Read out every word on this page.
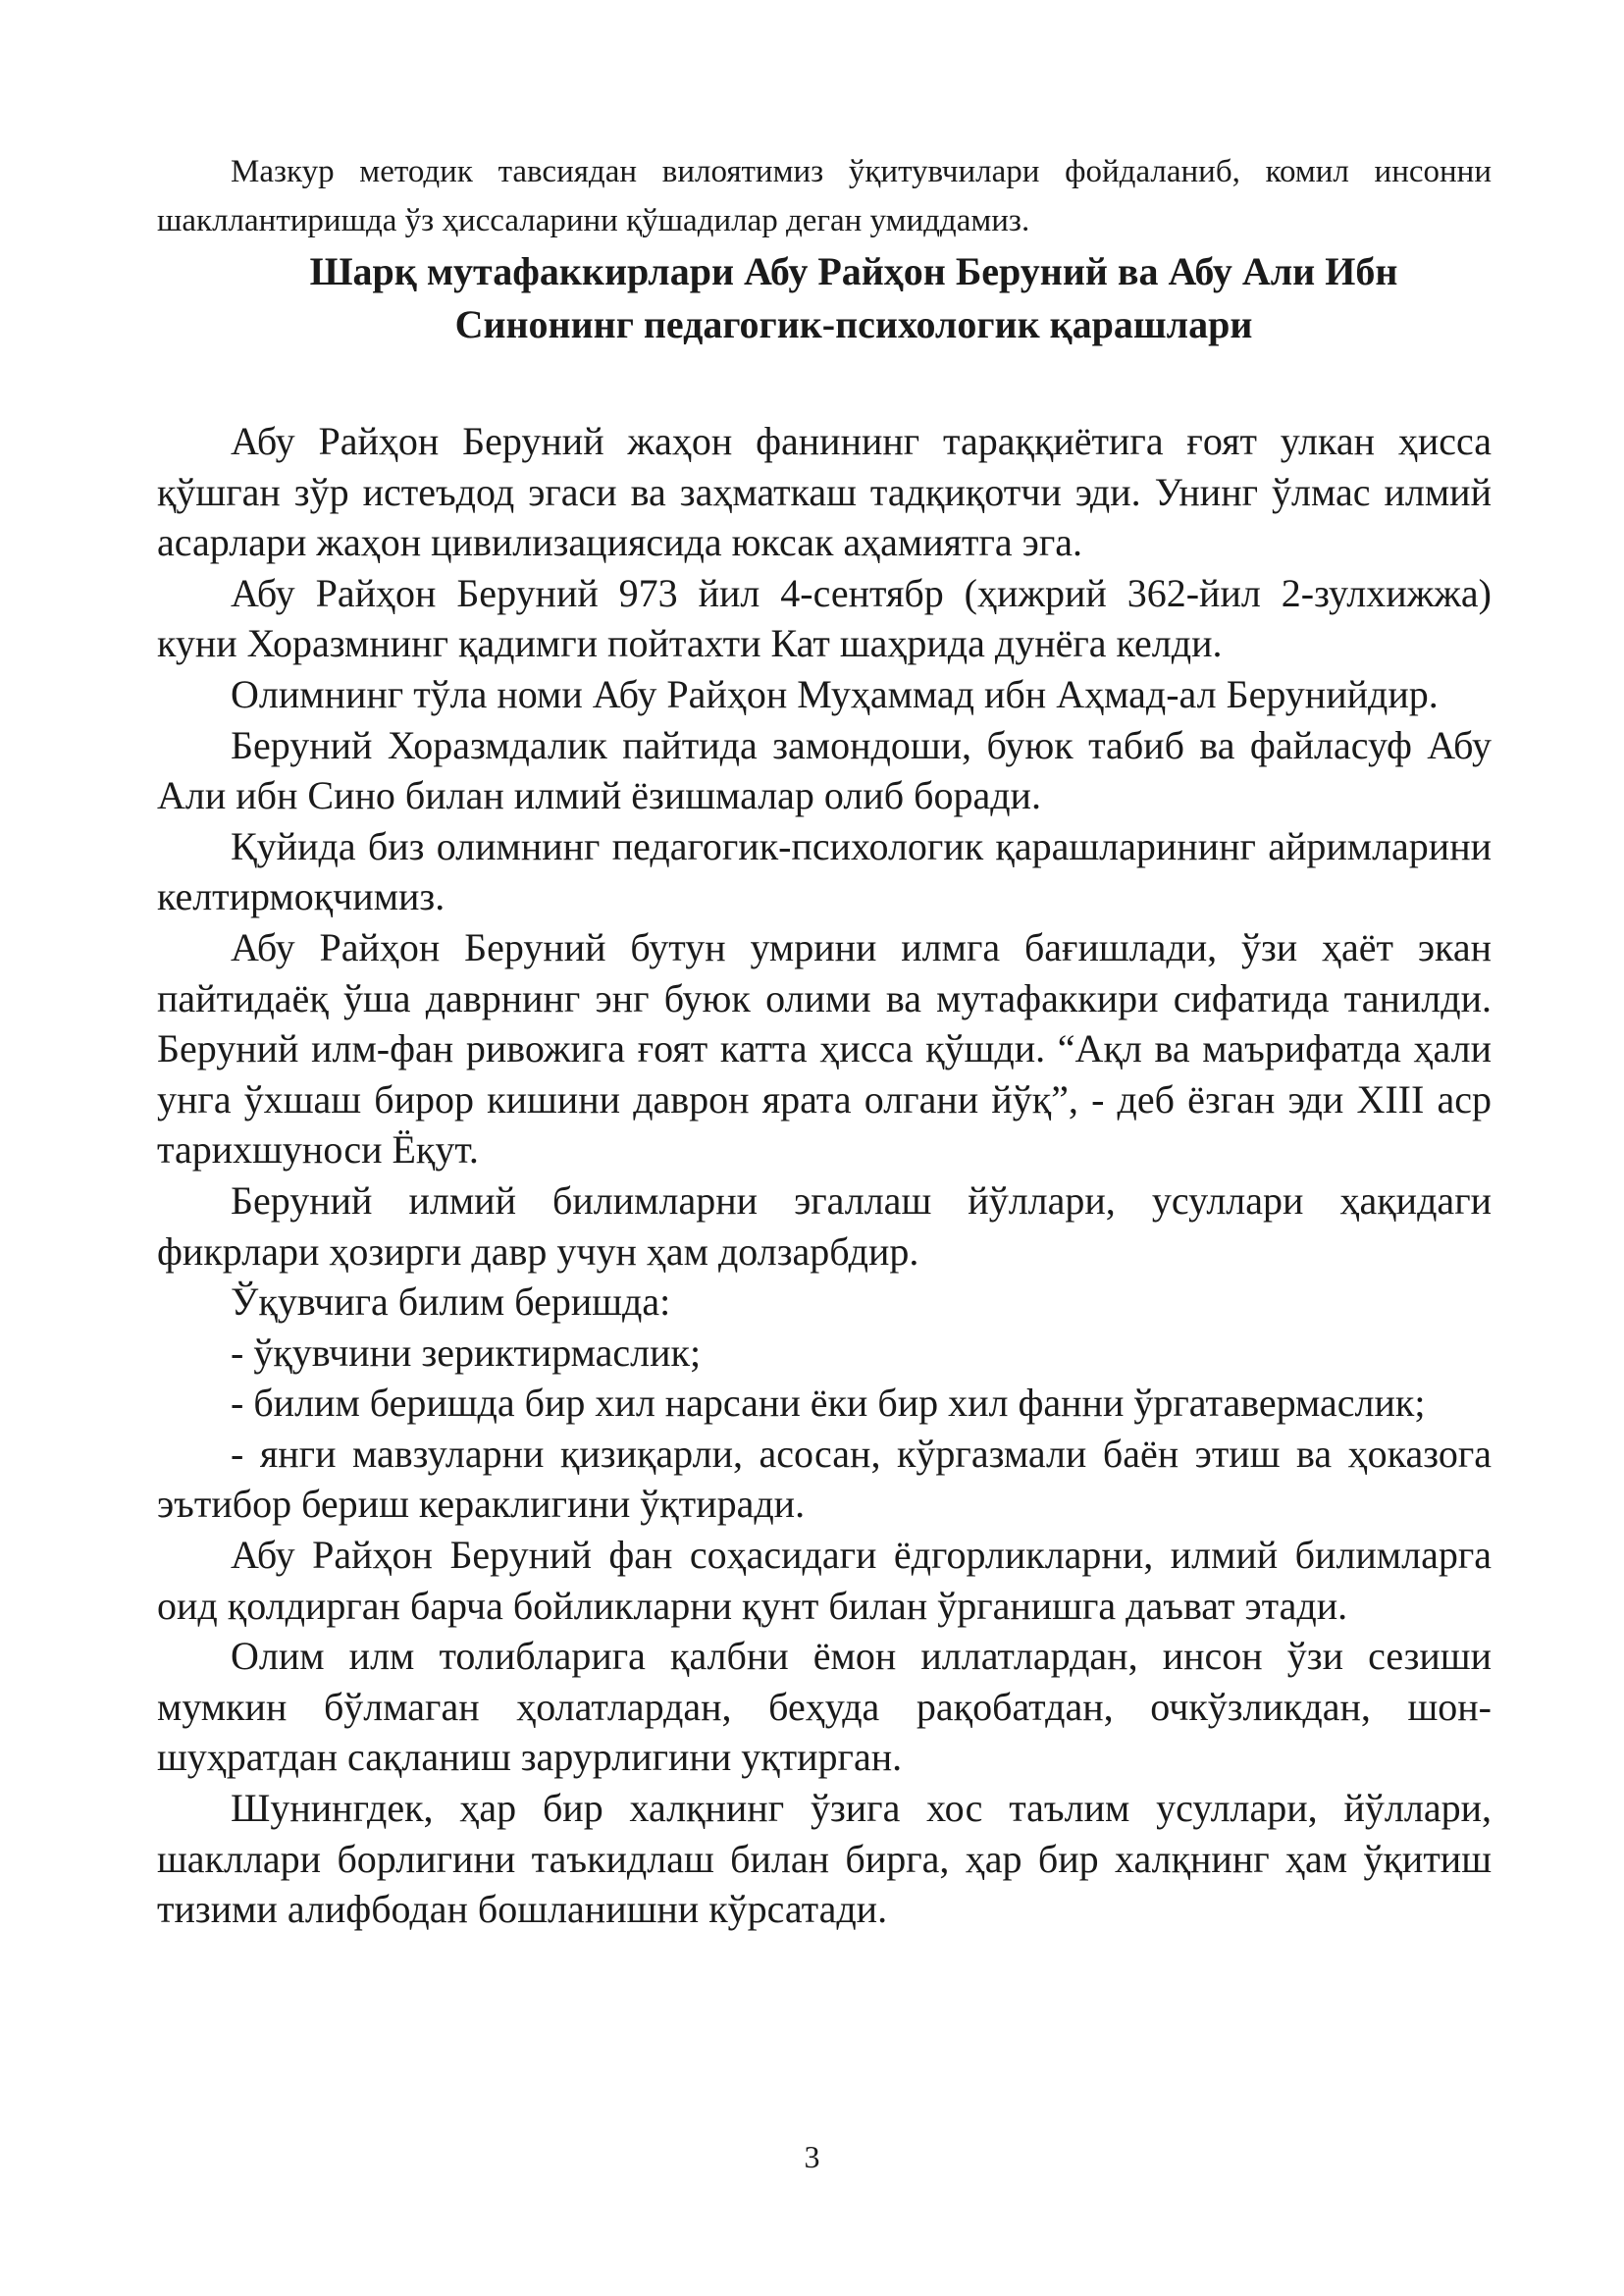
Мазкур методик тавсиядан вилоятимиз ўқитувчилари фойдаланиб, комил инсонни шакллантиришда ўз ҳиссаларини қўшадилар деган умиддамиз.

Шарқ мутафаккирлари Абу Райҳон Беруний ва Абу Али Ибн
Синонинг педагогик-психологик қарашлари

Абу Райҳон Беруний жаҳон фанининг тараққиётига ғоят улкан ҳисса қўшган зўр истеъдод эгаси ва заҳматкаш тадқиқотчи эди. Унинг ўлмас илмий асарлари жаҳон цивилизациясида юксак аҳамиятга эга.

Абу Райҳон Беруний 973 йил 4-сентябр (ҳижрий 362-йил 2-зулхижжа) куни Хоразмнинг қадимги пойтахти Кат шаҳрида дунёга келди.

Олимнинг тўла номи Абу Райҳон Муҳаммад ибн Аҳмад-ал Берунийдир.

Беруний Хоразмдалик пайтида замондоши, буюк табиб ва файласуф Абу Али ибн Сино билан илмий ёзишмалар олиб боради.

Қуйида биз олимнинг педагогик-психологик қарашларининг айримларини келтирмоқчимиз.

Абу Райҳон Беруний бутун умрини илмга бағишлади, ўзи ҳаёт экан пайтидаёқ ўша даврнинг энг буюк олими ва мутафаккири сифатида танилди. Беруний илм-фан ривожига ғоят катта ҳисса қўшди. “Ақл ва маърифатда ҳали унга ўхшаш бирор кишини даврон ярата олгани йўқ”, - деб ёзган эди XIII аср тарихшуноси Ёқут.

Беруний илмий билимларни эгаллаш йўллари, усуллари ҳақидаги фикрлари ҳозирги давр учун ҳам долзарбдир.

Ўқувчига билим беришда:

- ўқувчини зериктирмаслик;

- билим беришда бир хил нарсани ёки бир хил фанни ўргатавермаслик;

- янги мавзуларни қизиқарли, асосан, кўргазмали баён этиш ва ҳоказога эътибор бериш кераклигини ўқтиради.

Абу Райҳон Беруний фан соҳасидаги ёдгорликларни, илмий билимларга оид қолдирган барча бойликларни қунт билан ўрганишга даъват этади.

Олим илм толибларига қалбни ёмон иллатлардан, инсон ўзи сезиши мумкин бўлмаган ҳолатлардан, беҳуда рақобатдан, очкўзликдан, шон-шуҳратдан сақланиш зарурлигини уқтирган.

Шунингдек, ҳар бир халқнинг ўзига хос таълим усуллари, йўллари, шакллари борлигини таъкидлаш билан бирга, ҳар бир халқнинг ҳам ўқитиш тизими алифбодан бошланишни кўрсатади.

3
